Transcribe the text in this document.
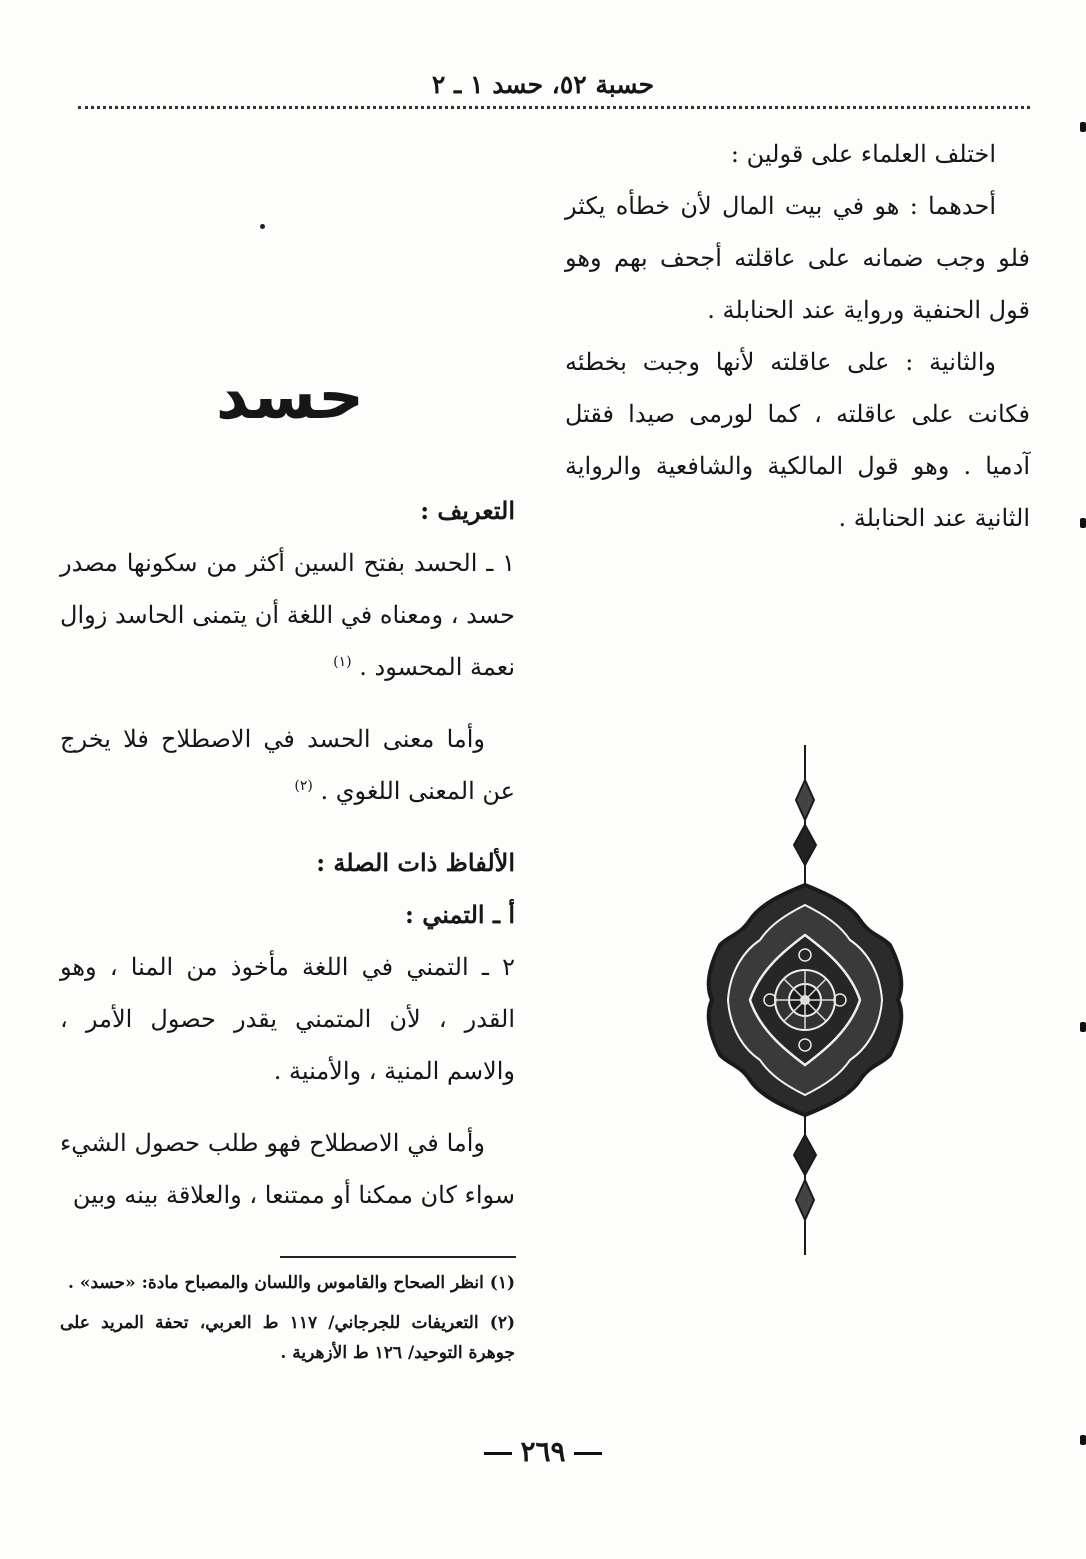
حسبة ٥٢، حسد ١ ـ ٢

اختلف العلماء على قولين :

أحدهما : هو في بيت المال لأن خطأه يكثر فلو وجب ضمانه على عاقلته أجحف بهم وهو قول الحنفية ورواية عند الحنابلة .

والثانية : على عاقلته لأنها وجبت بخطئه فكانت على عاقلته ، كما لورمى صيدا فقتل آدميا . وهو قول المالكية والشافعية والرواية الثانية عند الحنابلة .

حسد

التعريف :

١ ـ الحسد بفتح السين أكثر من سكونها مصدر حسد ، ومعناه في اللغة أن يتمنى الحاسد زوال نعمة المحسود . $^{(١)}$

وأما معنى الحسد في الاصطلاح فلا يخرج عن المعنى اللغوي . $^{(٢)}$

الألفاظ ذات الصلة :

أ ـ التمني :

٢ ـ التمني في اللغة مأخوذ من المنا ، وهو القدر ، لأن المتمني يقدر حصول الأمر ، والاسم المنية ، والأمنية .

وأما في الاصطلاح فهو طلب حصول الشيء سواء كان ممكنا أو ممتنعا ، والعلاقة بينه وبين

(١) انظر الصحاح والقاموس واللسان والمصباح مادة: «حسد» .

(٢) التعريفات للجرجاني/ ١١٧ ط العربي، تحفة المريد على جوهرة التوحيد/ ١٢٦ ط الأزهرية .

٢٦٩
